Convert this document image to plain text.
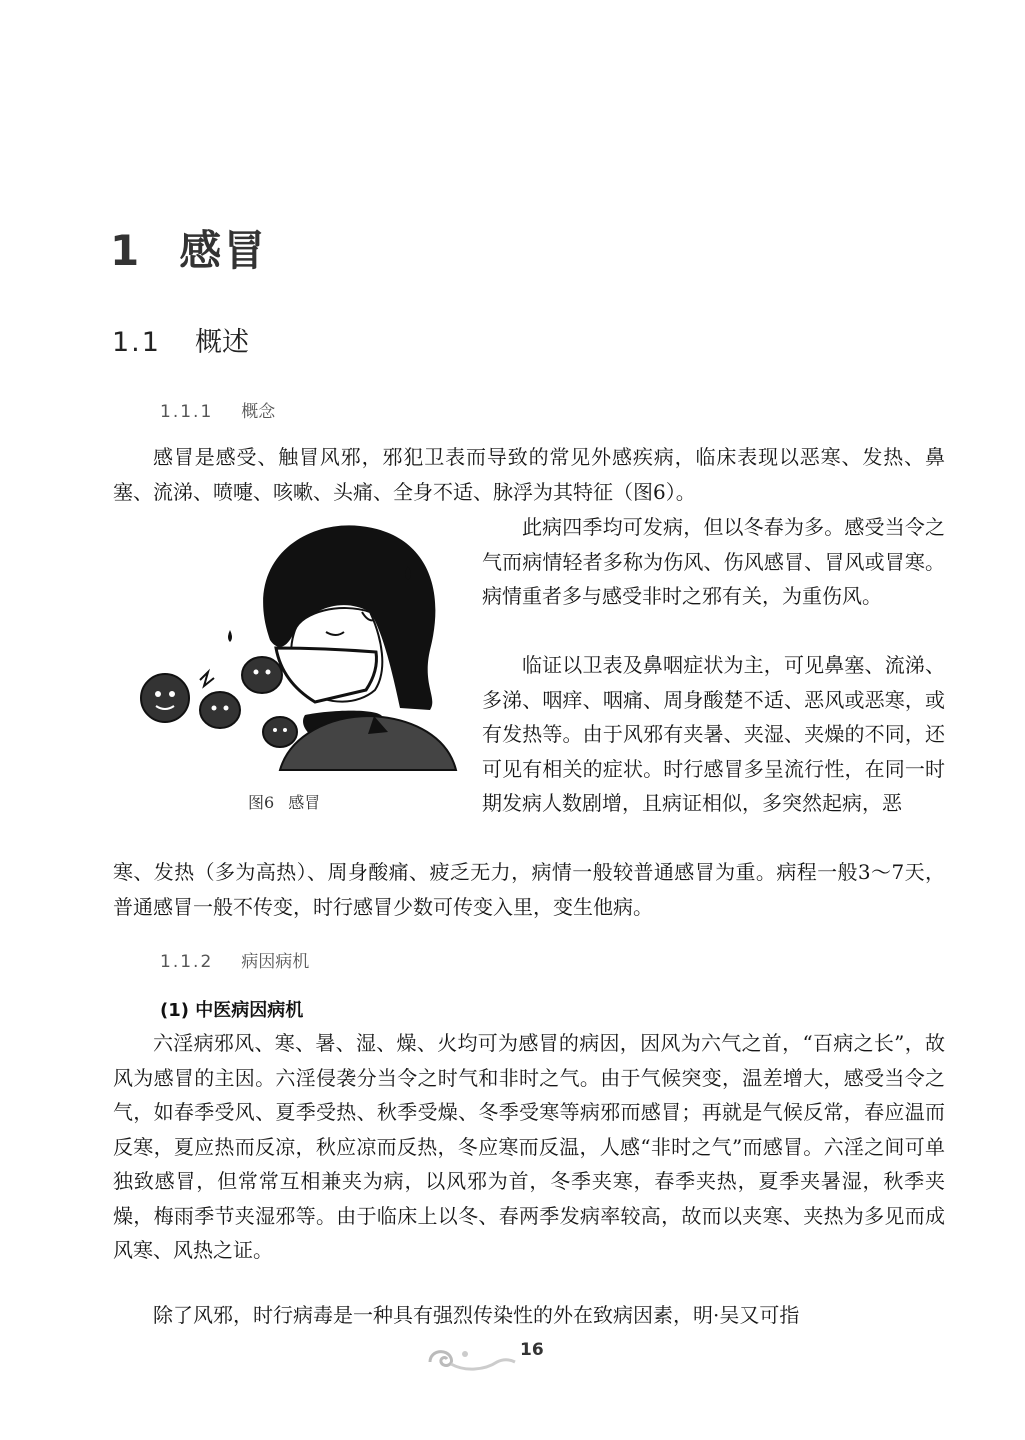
1 感冒
1.1 概述
1.1.1 概念

感冒是感受、触冒风邪，邪犯卫表而导致的常见外感疾病，临床表现以恶寒、发热、鼻塞、流涕、喷嚏、咳嗽、头痛、全身不适、脉浮为其特征（图6）。

图6 感冒

此病四季均可发病，但以冬春为多。感受当令之气而病情轻者多称为伤风、伤风感冒、冒风或冒寒。病情重者多与感受非时之邪有关，为重伤风。

临证以卫表及鼻咽症状为主，可见鼻塞、流涕、多涕、咽痒、咽痛、周身酸楚不适、恶风或恶寒，或有发热等。由于风邪有夹暑、夹湿、夹燥的不同，还可见有相关的症状。时行感冒多呈流行性，在同一时期发病人数剧增，且病证相似，多突然起病，恶

寒、发热（多为高热）、周身酸痛、疲乏无力，病情一般较普通感冒为重。病程一般3～7天，普通感冒一般不传变，时行感冒少数可传变入里，变生他病。

1.1.2 病因病机
(1) 中医病因病机

六淫病邪风、寒、暑、湿、燥、火均可为感冒的病因，因风为六气之首，“百病之长”，故风为感冒的主因。六淫侵袭分当令之时气和非时之气。由于气候突变，温差增大，感受当令之气，如春季受风、夏季受热、秋季受燥、冬季受寒等病邪而感冒；再就是气候反常，春应温而反寒，夏应热而反凉，秋应凉而反热，冬应寒而反温，人感“非时之气”而感冒。六淫之间可单独致感冒，但常常互相兼夹为病，以风邪为首，冬季夹寒，春季夹热，夏季夹暑湿，秋季夹燥，梅雨季节夹湿邪等。由于临床上以冬、春两季发病率较高，故而以夹寒、夹热为多见而成风寒、风热之证。

除了风邪，时行病毒是一种具有强烈传染性的外在致病因素，明·吴又可指

16
